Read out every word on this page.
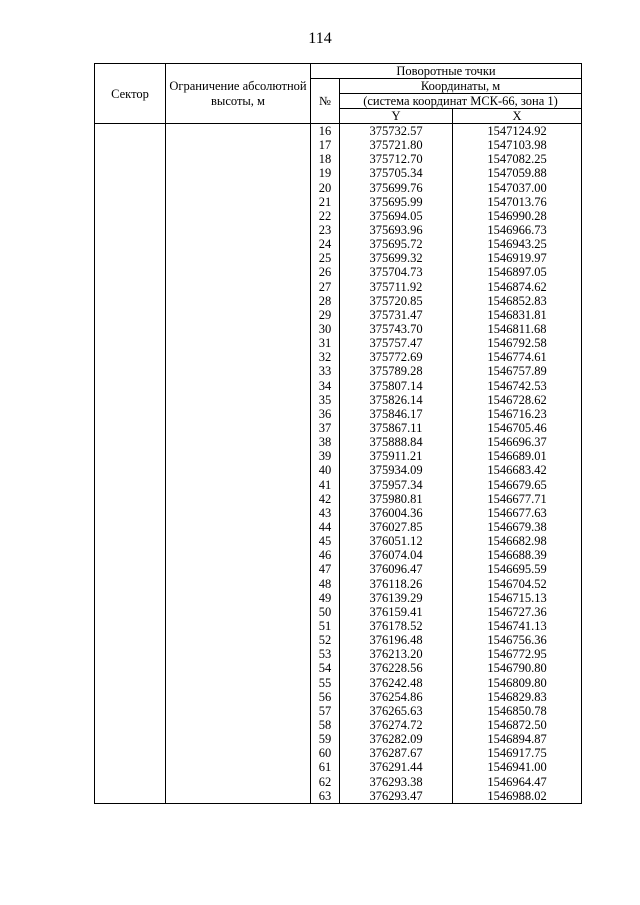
114
Сектор	Ограничение абсолютной высоты, м	Поворотные точки		
		№	Координаты, м	
			(система координат МСК-66, зона 1)	
			Y	X
		16	375732.57	1547124.92
		17	375721.80	1547103.98
		18	375712.70	1547082.25
		19	375705.34	1547059.88
		20	375699.76	1547037.00
		21	375695.99	1547013.76
		22	375694.05	1546990.28
		23	375693.96	1546966.73
		24	375695.72	1546943.25
		25	375699.32	1546919.97
		26	375704.73	1546897.05
		27	375711.92	1546874.62
		28	375720.85	1546852.83
		29	375731.47	1546831.81
		30	375743.70	1546811.68
		31	375757.47	1546792.58
		32	375772.69	1546774.61
		33	375789.28	1546757.89
		34	375807.14	1546742.53
		35	375826.14	1546728.62
		36	375846.17	1546716.23
		37	375867.11	1546705.46
		38	375888.84	1546696.37
		39	375911.21	1546689.01
		40	375934.09	1546683.42
		41	375957.34	1546679.65
		42	375980.81	1546677.71
		43	376004.36	1546677.63
		44	376027.85	1546679.38
		45	376051.12	1546682.98
		46	376074.04	1546688.39
		47	376096.47	1546695.59
		48	376118.26	1546704.52
		49	376139.29	1546715.13
		50	376159.41	1546727.36
		51	376178.52	1546741.13
		52	376196.48	1546756.36
		53	376213.20	1546772.95
		54	376228.56	1546790.80
		55	376242.48	1546809.80
		56	376254.86	1546829.83
		57	376265.63	1546850.78
		58	376274.72	1546872.50
		59	376282.09	1546894.87
		60	376287.67	1546917.75
		61	376291.44	1546941.00
		62	376293.38	1546964.47
		63	376293.47	1546988.02
